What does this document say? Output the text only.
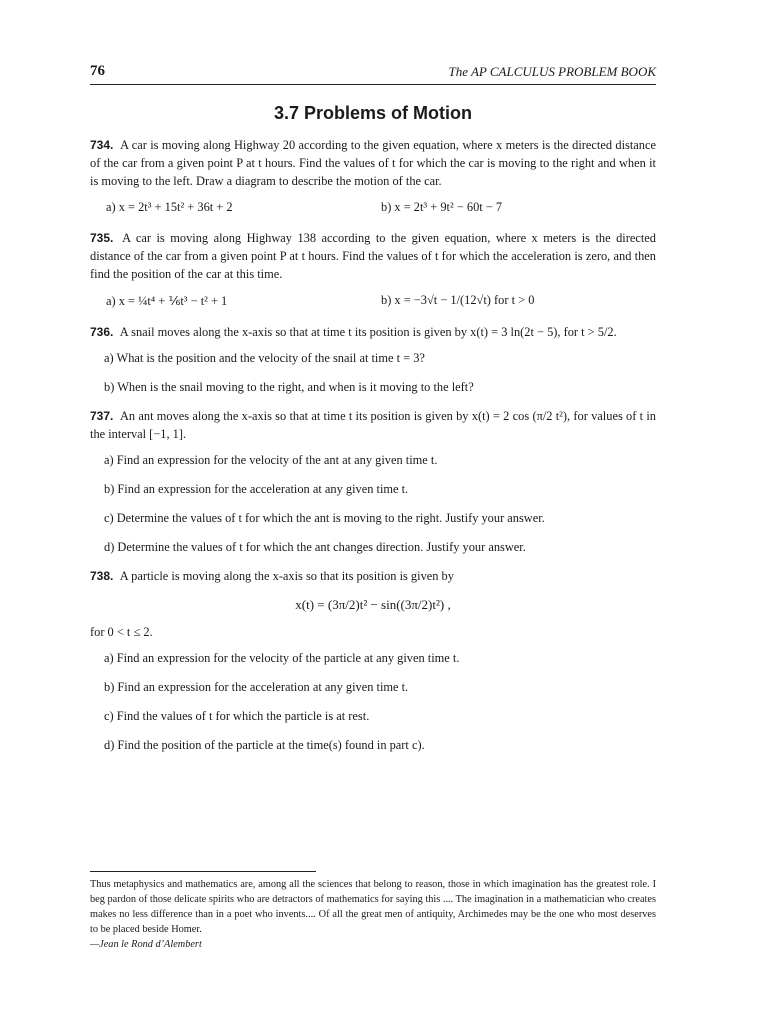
76	The AP CALCULUS PROBLEM BOOK
3.7 Problems of Motion
734. A car is moving along Highway 20 according to the given equation, where x meters is the directed distance of the car from a given point P at t hours. Find the values of t for which the car is moving to the right and when it is moving to the left. Draw a diagram to describe the motion of the car.
a) x = 2t³ + 15t² + 36t + 2	b) x = 2t³ + 9t² − 60t − 7
735. A car is moving along Highway 138 according to the given equation, where x meters is the directed distance of the car from a given point P at t hours. Find the values of t for which the acceleration is zero, and then find the position of the car at this time.
a) x = ¼t⁴ + ⅙t³ − t² + 1	b) x = −3√t − 1/(12√t) for t > 0
736. A snail moves along the x-axis so that at time t its position is given by x(t) = 3 ln(2t − 5), for t > 5/2.
a) What is the position and the velocity of the snail at time t = 3?
b) When is the snail moving to the right, and when is it moving to the left?
737. An ant moves along the x-axis so that at time t its position is given by x(t) = 2 cos (π/2 t²), for values of t in the interval [−1, 1].
a) Find an expression for the velocity of the ant at any given time t.
b) Find an expression for the acceleration at any given time t.
c) Determine the values of t for which the ant is moving to the right. Justify your answer.
d) Determine the values of t for which the ant changes direction. Justify your answer.
738. A particle is moving along the x-axis so that its position is given by
x(t) = (3π/2)t² − sin((3π/2)t²) ,
for 0 < t ≤ 2.
a) Find an expression for the velocity of the particle at any given time t.
b) Find an expression for the acceleration at any given time t.
c) Find the values of t for which the particle is at rest.
d) Find the position of the particle at the time(s) found in part c).
Thus metaphysics and mathematics are, among all the sciences that belong to reason, those in which imagination has the greatest role. I beg pardon of those delicate spirits who are detractors of mathematics for saying this .... The imagination in a mathematician who creates makes no less difference than in a poet who invents.... Of all the great men of antiquity, Archimedes may be the one who most deserves to be placed beside Homer.
—Jean le Rond d’Alembert
